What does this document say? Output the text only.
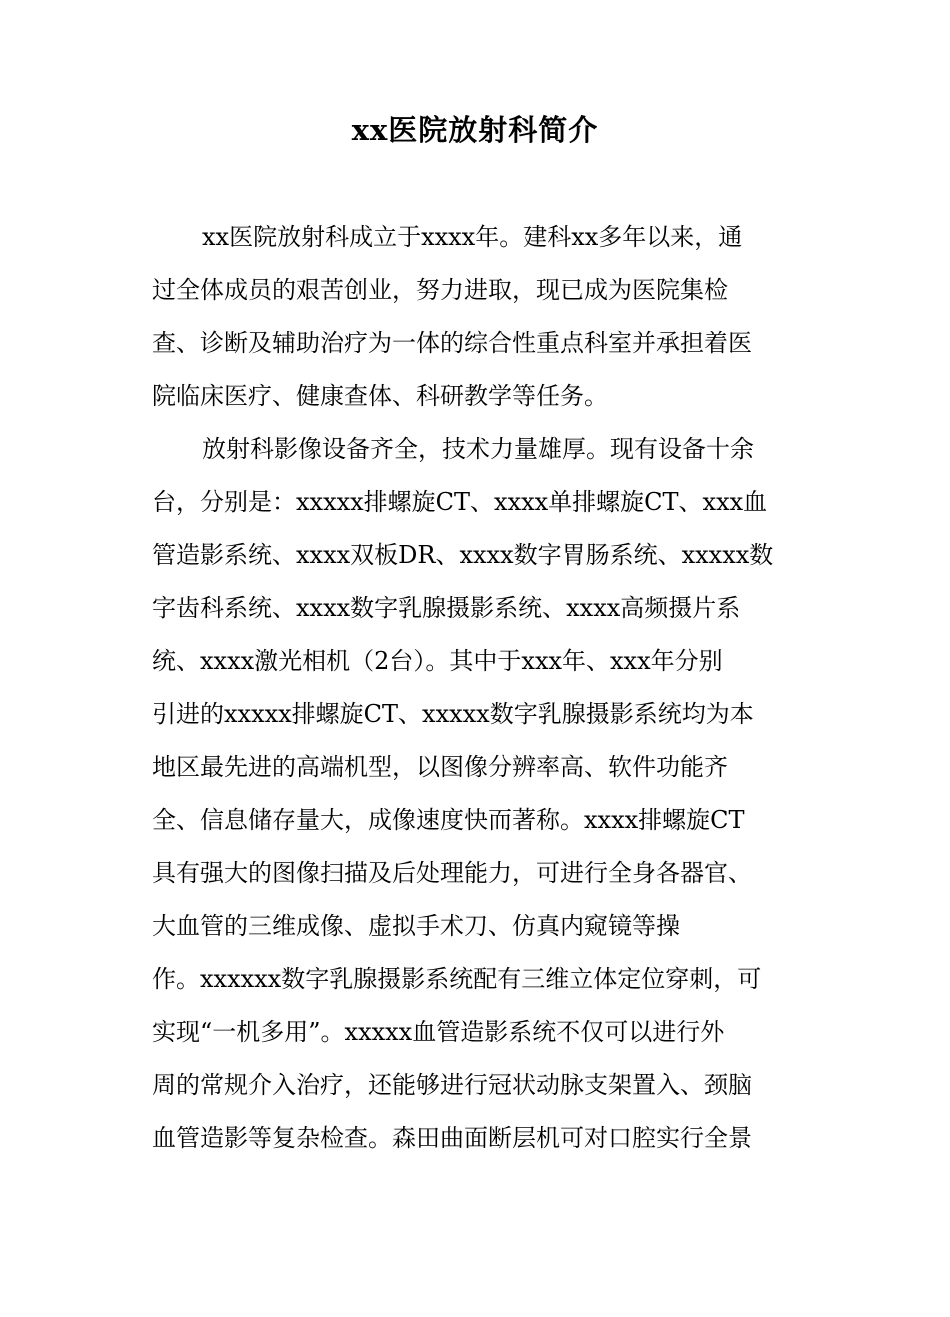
xx医院放射科简介
xx医院放射科成立于xxxx年。建科xx多年以来，通
过全体成员的艰苦创业，努力进取，现已成为医院集检
查、诊断及辅助治疗为一体的综合性重点科室并承担着医
院临床医疗、健康查体、科研教学等任务。
放射科影像设备齐全，技术力量雄厚。现有设备十余
台，分别是：xxxxx排螺旋CT、xxxx单排螺旋CT、xxx血
管造影系统、xxxx双板DR、xxxx数字胃肠系统、xxxxx数
字齿科系统、xxxx数字乳腺摄影系统、xxxx高频摄片系
统、xxxx激光相机（2台）。其中于xxx年、xxx年分别
引进的xxxxx排螺旋CT、xxxxx数字乳腺摄影系统均为本
地区最先进的高端机型，以图像分辨率高、软件功能齐
全、信息储存量大，成像速度快而著称。xxxx排螺旋CT
具有强大的图像扫描及后处理能力，可进行全身各器官、
大血管的三维成像、虚拟手术刀、仿真内窥镜等操
作。xxxxxx数字乳腺摄影系统配有三维立体定位穿刺，可
实现“一机多用”。xxxxx血管造影系统不仅可以进行外
周的常规介入治疗，还能够进行冠状动脉支架置入、颈脑
血管造影等复杂检查。森田曲面断层机可对口腔实行全景
